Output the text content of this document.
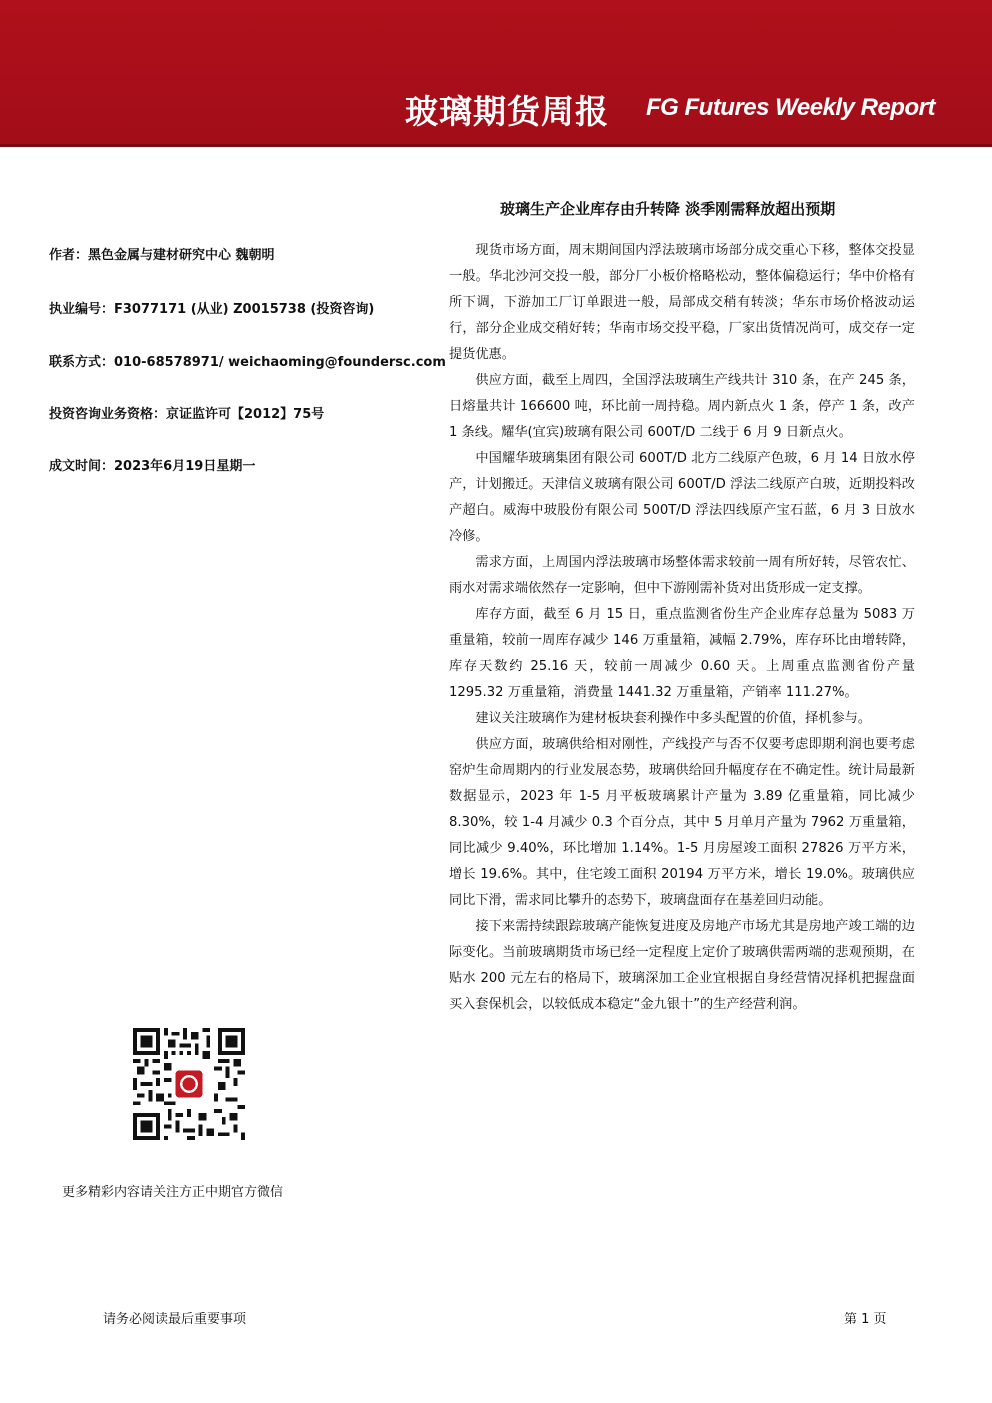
玻璃期货周报 FG Futures Weekly Report
玻璃生产企业库存由升转降 淡季刚需释放超出预期
作者：黑色金属与建材研究中心 魏朝明
执业编号：F3077171 (从业) Z0015738 (投资咨询)
联系方式：010-68578971/ weichaoming@foundersc.com
投资咨询业务资格：京证监许可【2012】75号
成文时间：2023年6月19日星期一

现货市场方面，周末期间国内浮法玻璃市场部分成交重心下移，整体交投显一般。华北沙河交投一般，部分厂小板价格略松动，整体偏稳运行；华中价格有所下调，下游加工厂订单跟进一般，局部成交稍有转淡；华东市场价格波动运行，部分企业成交稍好转；华南市场交投平稳，厂家出货情况尚可，成交存一定提货优惠。

供应方面，截至上周四，全国浮法玻璃生产线共计 310 条，在产 245 条，日熔量共计 166600 吨，环比前一周持稳。周内新点火 1 条，停产 1 条，改产 1 条线。耀华(宜宾)玻璃有限公司 600T/D 二线于 6 月 9 日新点火。

中国耀华玻璃集团有限公司 600T/D 北方二线原产色玻，6 月 14 日放水停产，计划搬迁。天津信义玻璃有限公司 600T/D 浮法二线原产白玻，近期投料改产超白。威海中玻股份有限公司 500T/D 浮法四线原产宝石蓝，6 月 3 日放水冷修。

需求方面，上周国内浮法玻璃市场整体需求较前一周有所好转，尽管农忙、雨水对需求端依然存一定影响，但中下游刚需补货对出货形成一定支撑。

库存方面，截至 6 月 15 日，重点监测省份生产企业库存总量为 5083 万重量箱，较前一周库存减少 146 万重量箱，减幅 2.79%，库存环比由增转降，库存天数约 25.16 天，较前一周减少 0.60 天。上周重点监测省份产量 1295.32 万重量箱，消费量 1441.32 万重量箱，产销率 111.27%。

建议关注玻璃作为建材板块套利操作中多头配置的价值，择机参与。

供应方面，玻璃供给相对刚性，产线投产与否不仅要考虑即期利润也要考虑窑炉生命周期内的行业发展态势，玻璃供给回升幅度存在不确定性。统计局最新数据显示，2023 年 1-5 月平板玻璃累计产量为 3.89 亿重量箱，同比减少 8.30%，较 1-4 月减少 0.3 个百分点，其中 5 月单月产量为 7962 万重量箱，同比减少 9.40%，环比增加 1.14%。1-5 月房屋竣工面积 27826 万平方米，增长 19.6%。其中，住宅竣工面积 20194 万平方米，增长 19.0%。玻璃供应同比下滑，需求同比攀升的态势下，玻璃盘面存在基差回归动能。

接下来需持续跟踪玻璃产能恢复进度及房地产市场尤其是房地产竣工端的边际变化。当前玻璃期货市场已经一定程度上定价了玻璃供需两端的悲观预期，在贴水 200 元左右的格局下，玻璃深加工企业宜根据自身经营情况择机把握盘面买入套保机会，以较低成本稳定“金九银十”的生产经营利润。

更多精彩内容请关注方正中期官方微信
请务必阅读最后重要事项	第 1 页
